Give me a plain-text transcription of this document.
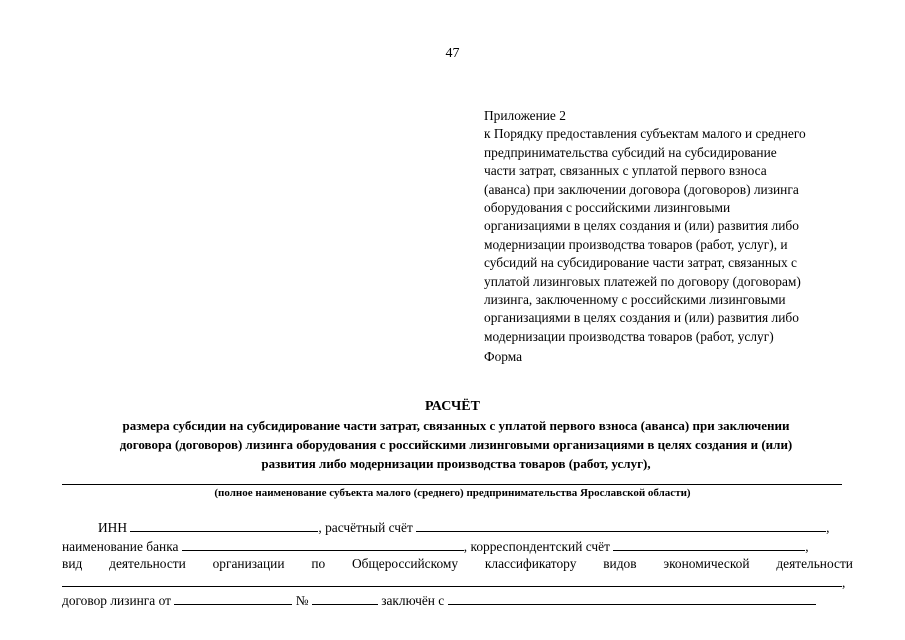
47
Приложение 2
к Порядку предоставления субъектам малого и среднего
предпринимательства субсидий на субсидирование
части затрат, связанных с уплатой первого взноса
(аванса) при заключении договора (договоров) лизинга
оборудования с российскими лизинговыми
организациями в целях создания и (или) развития либо
модернизации производства товаров (работ, услуг), и
субсидий на субсидирование части затрат, связанных с
уплатой лизинговых платежей по договору (договорам)
лизинга, заключенному с российскими лизинговыми
организациями в целях создания и (или) развития либо
модернизации производства товаров (работ, услуг)
Форма
РАСЧЁТ
размера субсидии на субсидирование части затрат, связанных с уплатой первого взноса (аванса) при заключении
договора (договоров) лизинга оборудования с российскими лизинговыми организациями в целях создания и (или)
развития либо модернизации производства товаров (работ, услуг),
(полное наименование субъекта малого (среднего) предпринимательства Ярославской области)
ИНН	, расчётный счёт	,
наименование банка	, корреспондентский счёт	,
вид деятельности организации по Общероссийскому классификатору видов экономической деятельности
,
договор лизинга от	№	заключён с
